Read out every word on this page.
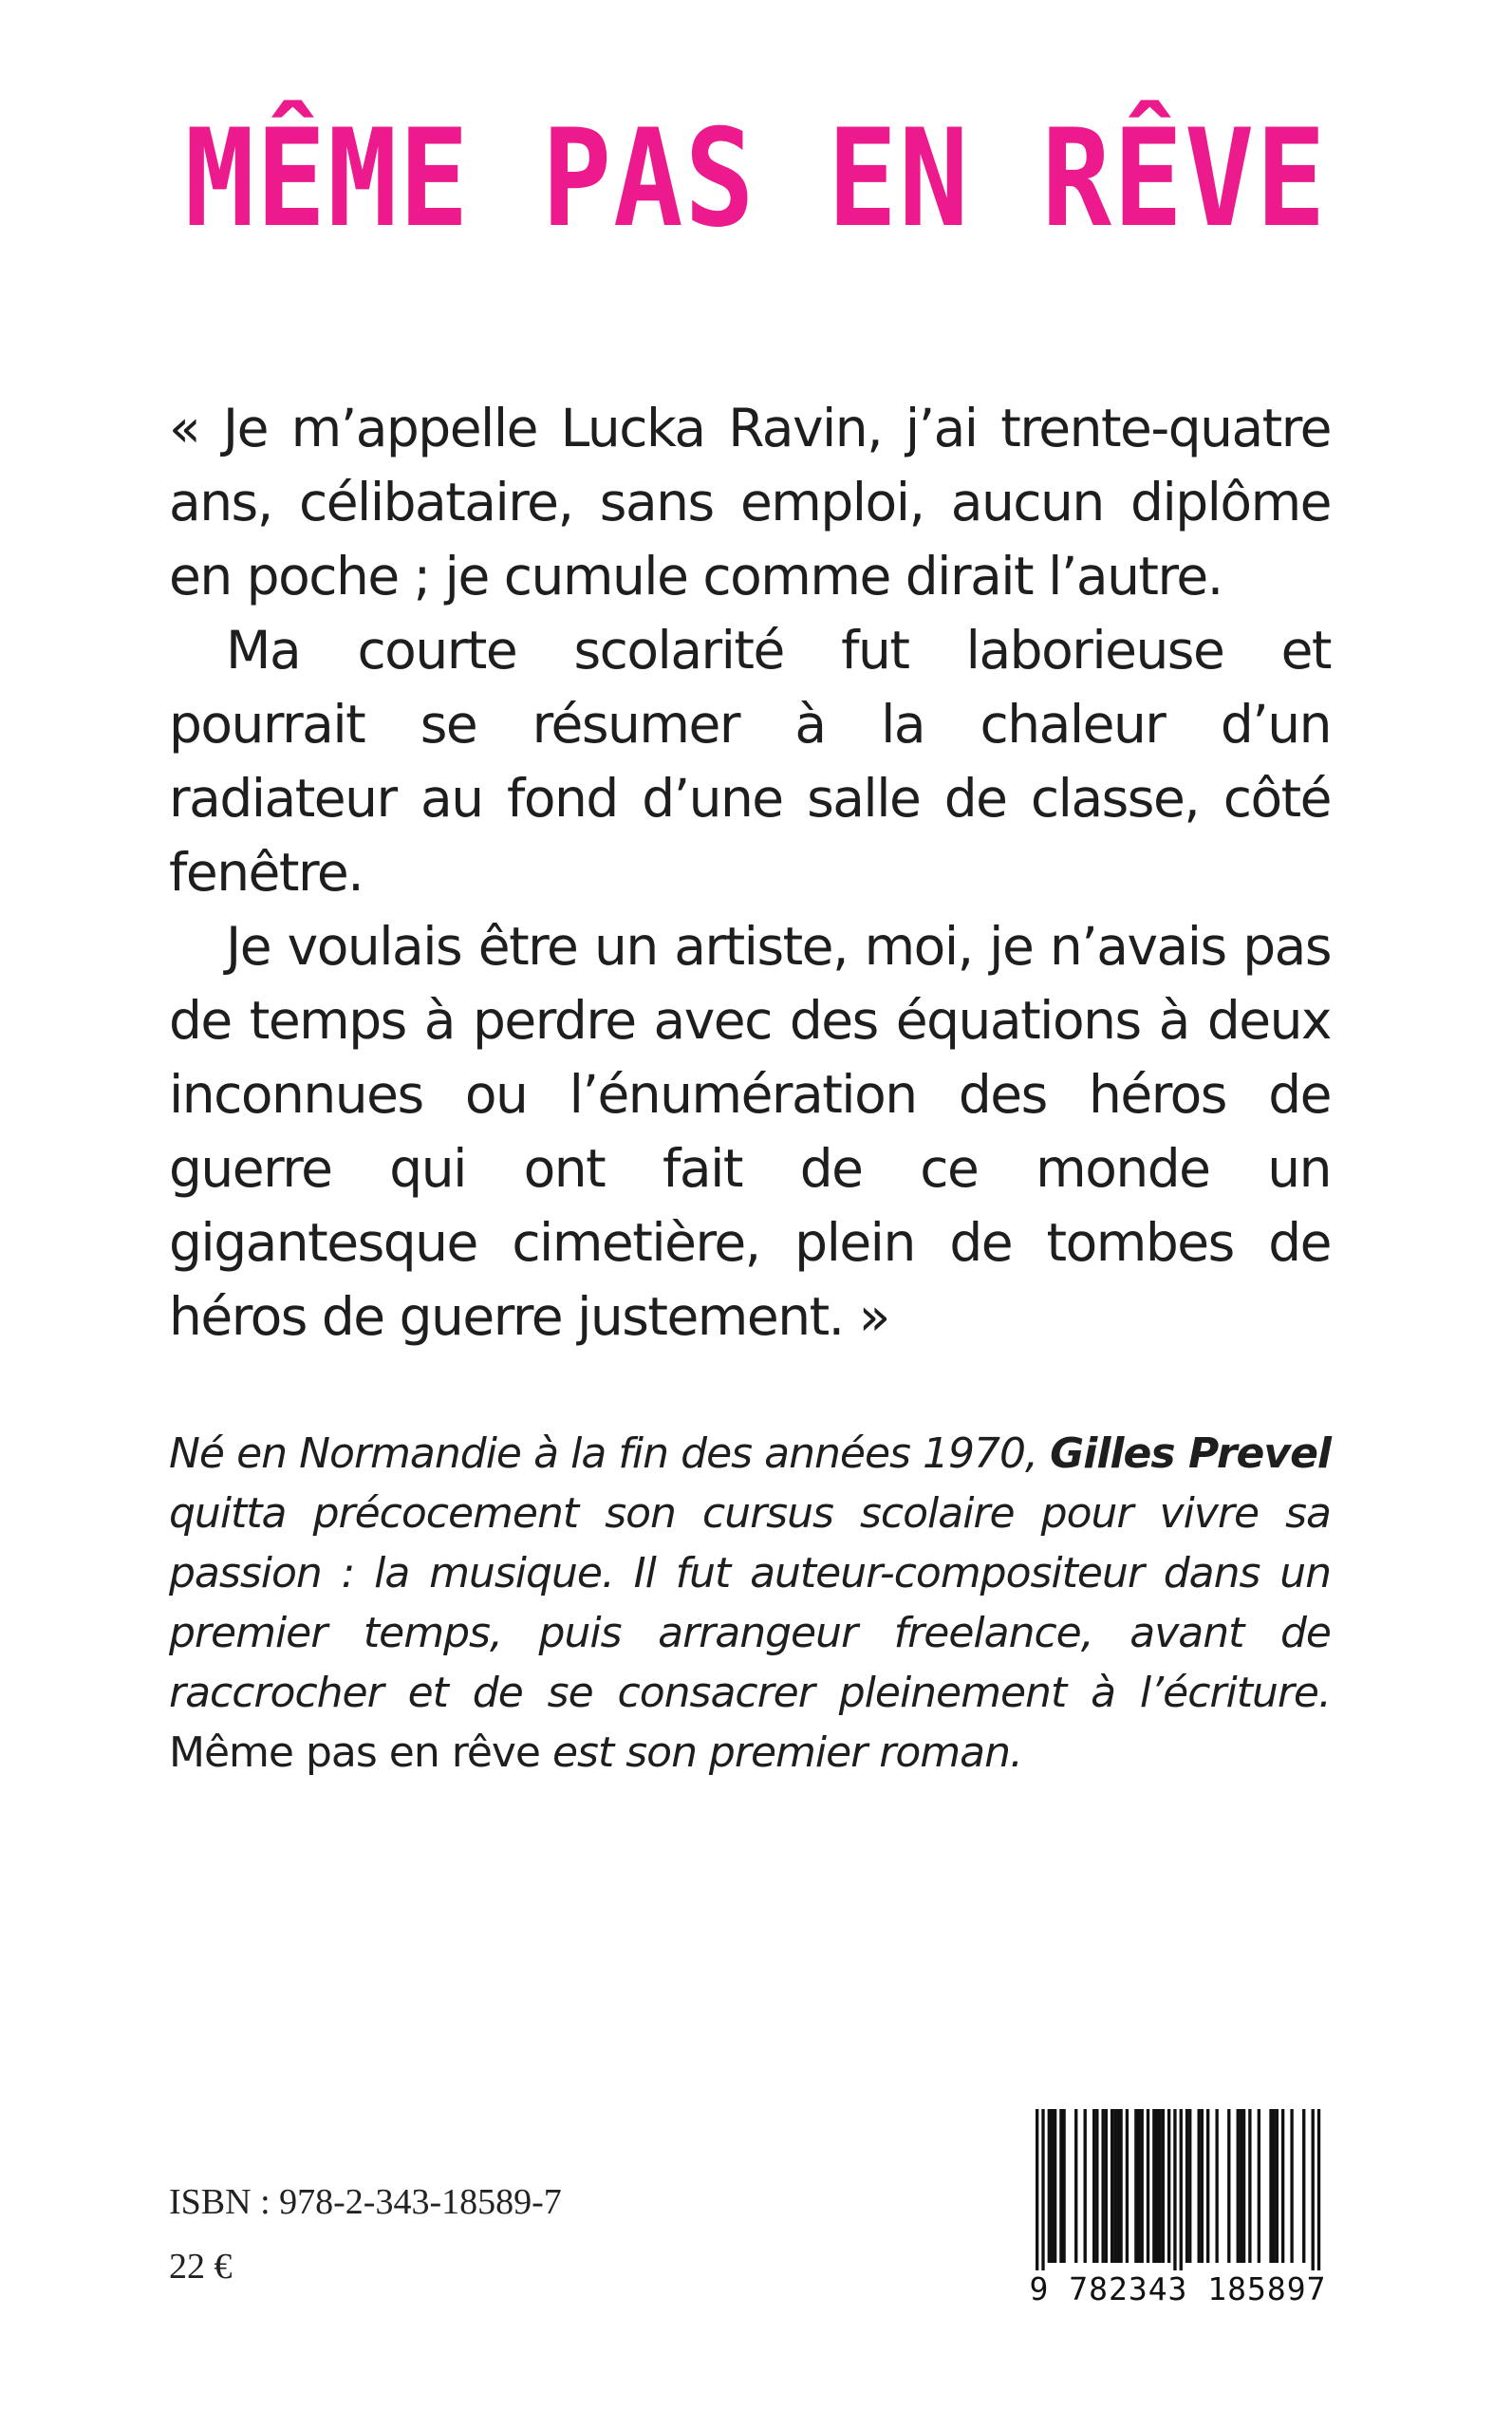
MÊME PAS EN RÊVE

« Je m’appelle Lucka Ravin, j’ai trente-quatre ans, célibataire, sans emploi, aucun diplôme en poche ; je cumule comme dirait l’autre.

Ma courte scolarité fut laborieuse et pourrait se résumer à la chaleur d’un radiateur au fond d’une salle de classe, côté fenêtre.

Je voulais être un artiste, moi, je n’avais pas de temps à perdre avec des équations à deux inconnues ou l’énumération des héros de guerre qui ont fait de ce monde un gigantesque cimetière, plein de tombes de héros de guerre justement. »

Né en Normandie à la fin des années 1970, Gilles Prevel quitta précocement son cursus scolaire pour vivre sa passion : la musique. Il fut auteur-compositeur dans un premier temps, puis arrangeur freelance, avant de raccrocher et de se consacrer pleinement à l’écriture. Même pas en rêve est son premier roman.
ISBN : 978-2-343-18589-7
22 €
9 782343 185897
